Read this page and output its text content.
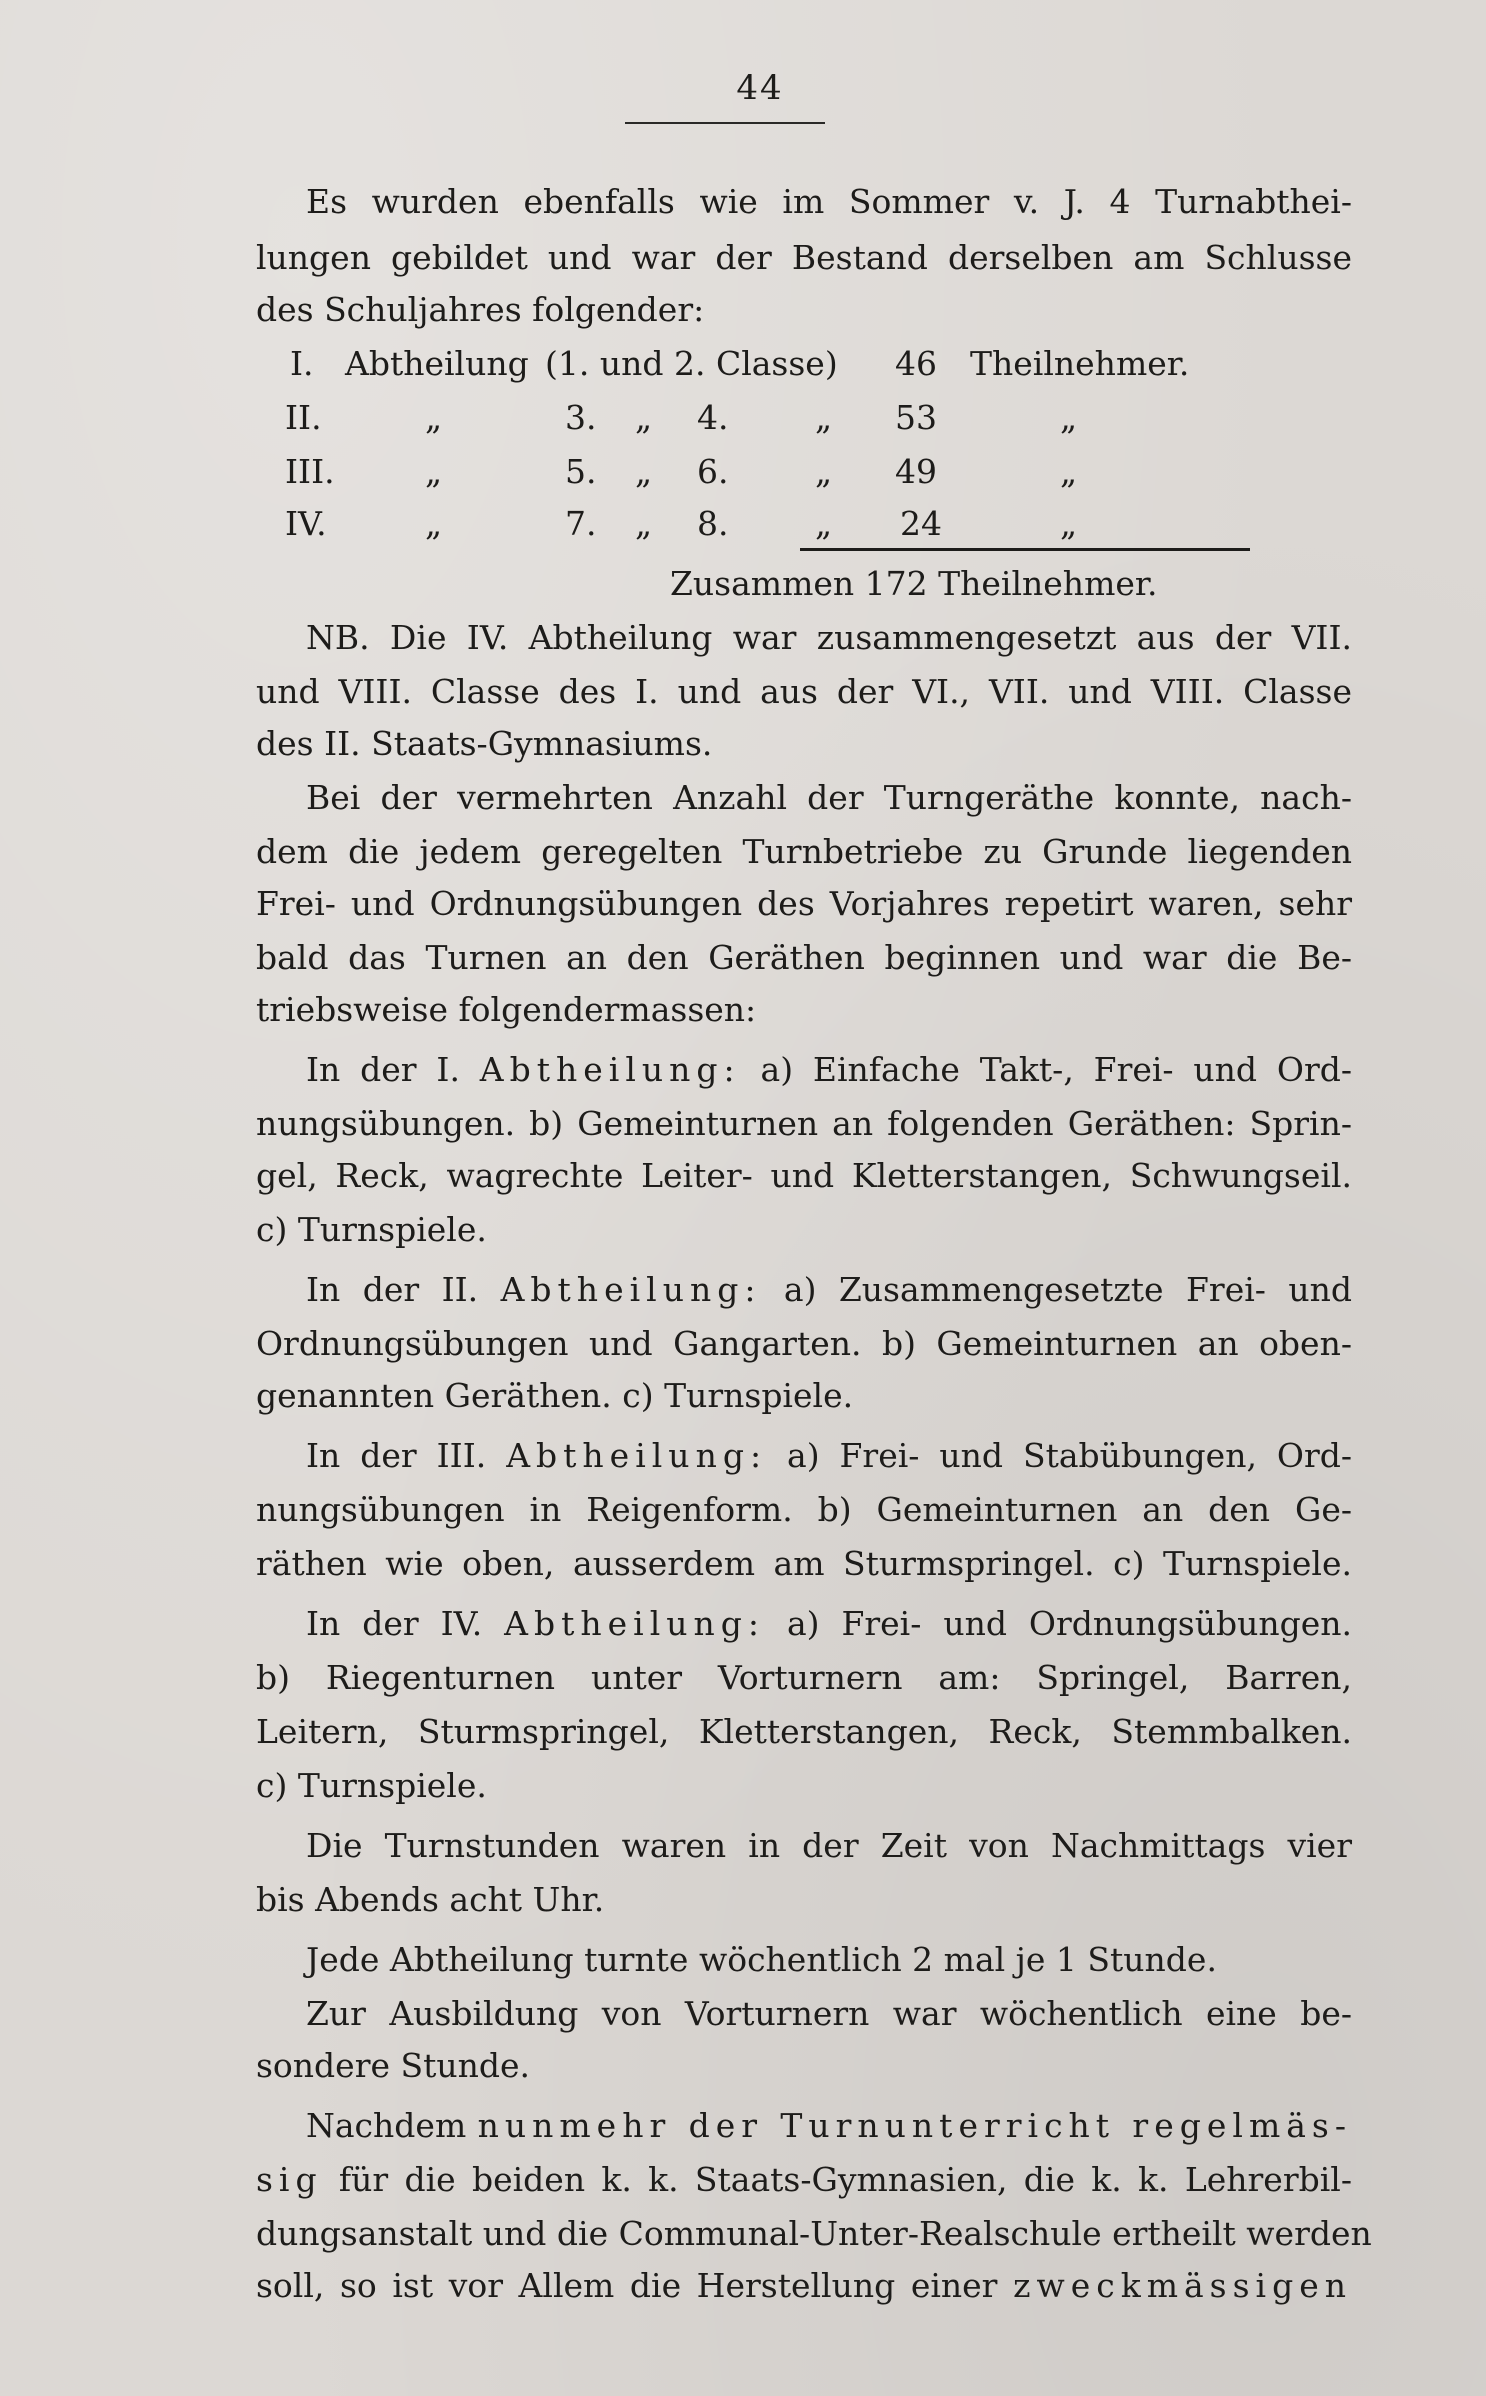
44
Es wurden ebenfalls wie im Sommer v. J. 4 Turnabthei-
lungen gebildet und war der Bestand derselben am Schlusse
des Schuljahres folgender:
I. Abtheilung (1. und 2. Classe) 46 Theilnehmer.
II.	„	3. „ 4.	„ 53	„
III.	„	5. „ 6.	„ 49	„
IV.	„	7. „ 8.	„ 24	„
Zusammen 172 Theilnehmer.
NB. Die IV. Abtheilung war zusammengesetzt aus der VII.
und VIII. Classe des I. und aus der VI., VII. und VIII. Classe
des II. Staats-Gymnasiums.
Bei der vermehrten Anzahl der Turngeräthe konnte, nach-
dem die jedem geregelten Turnbetriebe zu Grunde liegenden
Frei- und Ordnungsübungen des Vorjahres repetirt waren, sehr
bald das Turnen an den Geräthen beginnen und war die Be-
triebsweise folgendermassen:
In der I. Abtheilung: a) Einfache Takt-, Frei- und Ord-
nungsübungen. b) Gemeinturnen an folgenden Geräthen: Sprin-
gel, Reck, wagrechte Leiter- und Kletterstangen, Schwungseil.
c) Turnspiele.
In der II. Abtheilung: a) Zusammengesetzte Frei- und
Ordnungsübungen und Gangarten. b) Gemeinturnen an oben-
genannten Geräthen. c) Turnspiele.
In der III. Abtheilung: a) Frei- und Stabübungen, Ord-
nungsübungen in Reigenform. b) Gemeinturnen an den Ge-
räthen wie oben, ausserdem am Sturmspringel. c) Turnspiele.
In der IV. Abtheilung: a) Frei- und Ordnungsübungen.
b) Riegenturnen unter Vorturnern am: Springel, Barren,
Leitern, Sturmspringel, Kletterstangen, Reck, Stemmbalken.
c) Turnspiele.
Die Turnstunden waren in der Zeit von Nachmittags vier
bis Abends acht Uhr.
Jede Abtheilung turnte wöchentlich 2 mal je 1 Stunde.
Zur Ausbildung von Vorturnern war wöchentlich eine be-
sondere Stunde.
Nachdem nunmehr der Turnunterricht regelmäs-
sig für die beiden k. k. Staats-Gymnasien, die k. k. Lehrerbil-
dungsanstalt und die Communal-Unter-Realschule ertheilt werden
soll, so ist vor Allem die Herstellung einer zweckmässigen
